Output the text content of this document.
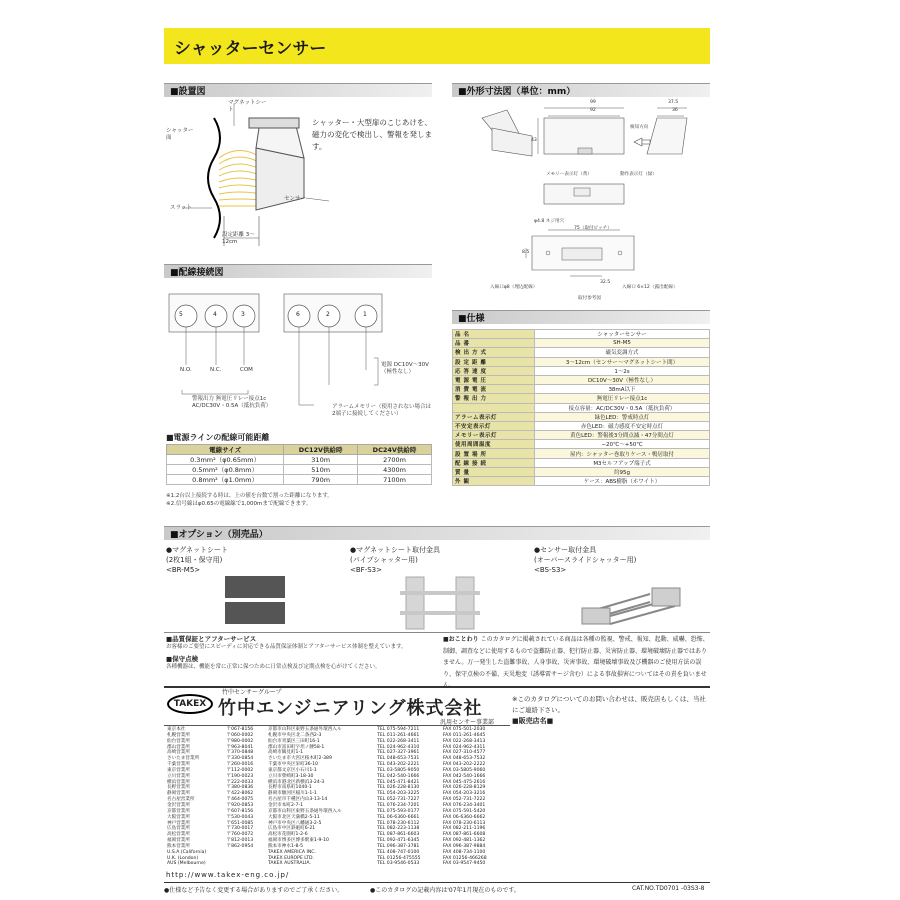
シャッターセンサー
■設置図
マグネットシート
シャッター面
スラット
センサー
設定距離 3〜12cm
シャッター・大型扉のこじあけを、磁力の変化で検出し、警報を発します。
■外形寸法図（単位：mm）
99
92
37.5
36
43
検知方向
メモリー表示灯（黄）	動作表示灯（緑）
φ4.8 ネジ用穴
75（取付ピッチ）
8.5
32.5
入線口φ8（埋込配線）	入線口 6×12（露出配線）
取付参考図
■配線接続図
5	4	3	6	2	1
N.O.	N.C.	COM
電源 DC10V〜30V（極性なし）
警報出力 無電圧リレー接点1c AC/DC30V・0.5A（抵抗負荷）	アラームメモリー（使用されない場合は2端子に接続してください）
■電源ラインの配線可能距離
電線サイズ	DC12V供給時	DC24V供給時
0.3mm²（φ0.65mm）	310m	2700m
0.5mm²（φ0.8mm）	510m	4300m
0.8mm²（φ1.0mm）	790m	7100m
※1.2台以上接続する時は、上の値を台数で割った距離になります。
※2.信号線はφ0.65の電線線で1,000mまで配線できます。
■仕様
品名	シャッターセンサー
品番	SH-M5
検出方式	磁気変調方式
設定距離	3〜12cm（センサー〜マグネットシート間）
応答速度	1〜2s
電源電圧	DC10V〜30V（極性なし）
消費電流	38mA以下
警報出力	無電圧リレー接点1c
	接点容量：AC/DC30V・0.5A（抵抗負荷）
アラーム表示灯	緑色LED：警戒時点灯
不安定表示灯	赤色LED：磁力感度不安定時点灯
メモリー表示灯	黄色LED：警報後3分間点滅・47分間点灯
使用周囲温度	−20℃〜+50℃
設置場所	屋内：シャッター巻取りケース・鴨居取付
配線接続	M3セルフアップ端子式
質量	約95g
外観	ケース：ABS樹脂（ホワイト）
■オプション（別売品）
●マグネットシート
(2枚1組・保守用)
<BR-M5>
●マグネットシート取付金具
(パイプシャッター用)
<BF-S3>
●センサー取付金具
(オーバースライドシャッター用)
<BS-S3>
■品質保証とアフターサービス
お客様のご要望にスピーディに対応できる品質保証体制とアフターサービス体制を整えています。
■保守点検
各種機器は、機能を常に正常に保つために日常点検及び定期点検を心がけてください。
■おことわり このカタログに掲載されている商品は各種の監視、警戒、報知、起動、威嚇、恐怖、制御、調査などに使用するもので盗難防止器、犯行防止器、災害防止器、環境破壊防止器ではありません。万一発生した盗難事故、人身事故、災害事故、環境破壊事故及び機器のご使用方法の誤り、保守点検の不備、天災地変（誘導雷サージ含む）による事故損害についてはその責を負いません。
TAKEX
竹中センサーグループ
竹中エンジニアリング株式会社
汎用センサー事業部
※このカタログについてのお問い合わせは、販売店もしくは、当社にご連絡下さい。
■販売店名■
東京本社	〒067-8156	京都市山科区東野五条通外環西入ル	TEL 075-594-7211	FAX 075-501-2030
札幌営業所	〒060-0002	札幌市中央区北二条西2-3	TEL 011-261-4661	FAX 011-261-4645
仙台営業所	〒980-0002	仙台市青葉区三田町16-1	TEL 022-268-3411	FAX 022-268-3413
郡山営業所	〒963-8041	郡山市富田町字坦ノ腰58-1	TEL 024-962-4310	FAX 024-962-4311
高崎営業所	〒370-0848	高崎市鶴見町1-1	TEL 027-327-3961	FAX 027-310-4577
さいたま営業所	〒330-0854	さいたま市大宮区桜木町2-389	TEL 048-653-7531	FAX 048-653-7532
千葉営業所	〒260-0016	千葉市中央区栄町36-10	TEL 043-202-2221	FAX 043-202-2222
東京営業所	〒112-0002	東京都文京区小石川1-1	TEL 03-5805-9050	FAX 03-5805-9060
立川営業所	〒190-0023	立川市柴崎町3-18-30	TEL 042-540-1666	FAX 042-540-1666
横浜営業所	〒222-0033	横浜市港北区新横浜3-24-3	TEL 045-471-8421	FAX 045-475-2616
長野営業所	〒380-0836	長野市南県町1040-1	TEL 026-228-8130	FAX 026-228-8129
静岡営業所	〒422-8062	静岡市駿河区稲川1-1-1	TEL 054-203-3225	FAX 054-203-3216
名古屋営業所	〒464-0075	名古屋市千種区内山3-13-14	TEL 052-731-7227	FAX 052-731-7222
金沢営業所	〒920-0853	金沢市本町2-7-1	TEL 076-234-7201	FAX 076-234-3401
京都営業所	〒607-8156	京都市山科区東野五条通外環西入ル	TEL 075-593-0177	FAX 075-591-5420
大阪営業所	〒530-0043	大阪市北区天満橋2-5-11	TEL 06-6360-6661	FAX 06-6360-6662
神戸営業所	〒651-0085	神戸市中央区八幡通3-2-5	TEL 078-230-6112	FAX 078-230-6113
広島営業所	〒730-0017	広島市中区鉄砲町6-21	TEL 082-223-1138	FAX 082-211-1196
高松営業所	〒760-0072	高松市花園町1-2-6	TEL 087-861-6603	FAX 087-861-6608
福岡営業所	〒812-0013	福岡市博多区博多駅東1-9-10	TEL 092-471-6345	FAX 092-481-1362
熊本営業所	〒862-0954	熊本市神水1-8-5	TEL 096-387-3781	FAX 096-387-9884
U.S.A (California)		TAKEX AMERICA INC.	TEL 408-747-0100	FAX 408-734-1100
U.K. (London)		TAKEX EUROPE LTD.	TEL 01256-475555	FAX 01256-466268
AUS (Melbourne)		TAKEX AUSTRALIA.	TEL 03-9546-0533	FAX 03-9547-9450
http://www.takex-eng.co.jp/
●仕様など予告なく変更する場合がありますのでご了承ください。	●このカタログの記載内容は'07年1月現在のものです。	CAT.NO.TD0701 -03S3-8
